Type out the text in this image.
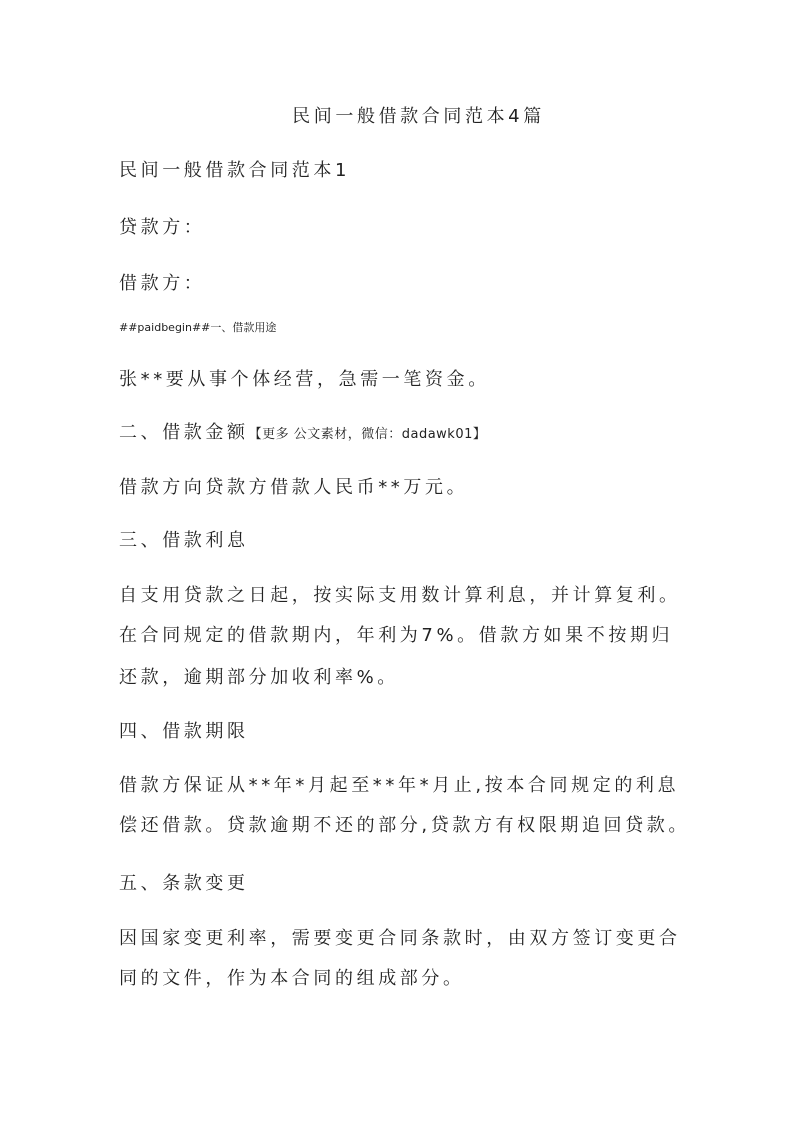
民间一般借款合同范本4篇
民间一般借款合同范本1
贷款方：
借款方：
##paidbegin##一、借款用途
张**要从事个体经营，急需一笔资金。
二、借款金额【更多 公文素材，微信：dadawk01】
借款方向贷款方借款人民币**万元。
三、借款利息
自支用贷款之日起，按实际支用数计算利息，并计算复利。
在合同规定的借款期内，年利为7%。借款方如果不按期归
还款，逾期部分加收利率%。
四、借款期限
借款方保证从**年*月起至**年*月止,按本合同规定的利息
偿还借款。贷款逾期不还的部分,贷款方有权限期追回贷款。
五、条款变更
因国家变更利率，需要变更合同条款时，由双方签订变更合
同的文件，作为本合同的组成部分。
